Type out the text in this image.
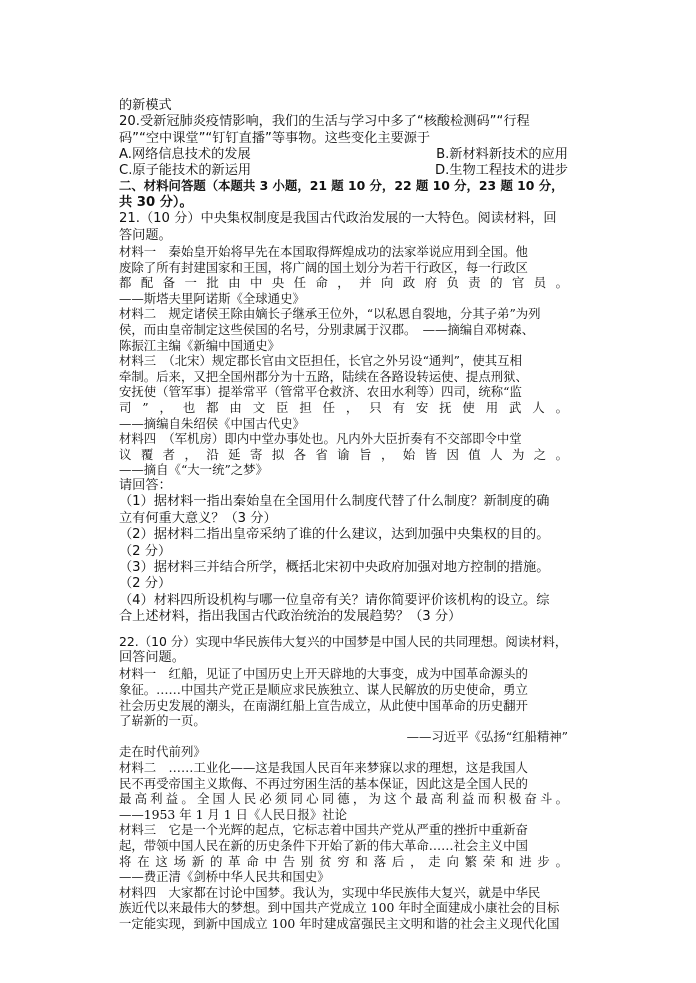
的新模式
20.受新冠肺炎疫情影响，我们的生活与学习中多了“核酸检测码”“行程
码”“空中课堂”“钉钉直播”等事物。这些变化主要源于
A.网络信息技术的发展	B.新材料新技术的应用
C.原子能技术的新运用	D.生物工程技术的进步
二、材料问答题（本题共 3 小题，21 题 10 分，22 题 10 分，23 题 10 分，
共 30 分）。
21.（10 分）中央集权制度是我国古代政治发展的一大特色。阅读材料，回
答问题。
材料一　秦始皇开始将早先在本国取得辉煌成功的法家举说应用到全国。他
废除了所有封建国家和王国，将广阔的国土划分为若干行政区，每一行政区
都配备一批由中央任命，并向政府负责的官员。
——斯塔夫里阿诺斯《全球通史》
材料二　规定诸侯王除由嫡长子继承王位外，“以私恩自裂地，分其子弟”为列
侯，而由皇帝制定这些侯国的名号，分别隶属于汉郡。　——摘编自邓树森、
陈振江主编《新编中国通史》
材料三　（北宋）规定郡长官由文臣担任，长官之外另设“通判”，使其互相
牵制。后来，又把全国州郡分为十五路，陆续在各路设转运使、提点刑狱、
安抚使（管军事）提举常平（管常平仓救济、农田水利等）四司，统称“监
司”，也都由文臣担任，只有安抚使用武人。
——摘编自朱绍侯《中国古代史》
材料四　（军机房）即内中堂办事处也。凡内外大臣折奏有不交部即令中堂
议覆者，沿延寄拟各省谕旨，始皆因值人为之。
——摘自《“大一统”之梦》
请回答：
（1）据材料一指出秦始皇在全国用什么制度代替了什么制度？新制度的确
立有何重大意义？（3 分）
（2）据材料二指出皇帝采纳了谁的什么建议，达到加强中央集权的目的。
（2 分）
（3）据材料三并结合所学，概括北宋初中央政府加强对地方控制的措施。
（2 分）
（4）材料四所设机构与哪一位皇帝有关？请你简要评价该机构的设立。综
合上述材料，指出我国古代政治统治的发展趋势？（3 分）
22.（10 分）实现中华民族伟大复兴的中国梦是中国人民的共同理想。阅读材料，
回答问题。
材料一　红船，见证了中国历史上开天辟地的大事变，成为中国革命源头的
象征。……中国共产党正是顺应求民族独立、谋人民解放的历史使命，勇立
社会历史发展的潮头，在南湖红船上宣告成立，从此使中国革命的历史翻开
了崭新的一页。
——习近平《弘扬“红船精神”
走在时代前列》
材料二　……工业化——这是我国人民百年来梦寐以求的理想，这是我国人
民不再受帝国主义欺侮、不再过穷困生活的基本保证，因此这是全国人民的
最高利益。全国人民必须同心同德，为这个最高利益而积极奋斗。
——1953 年 1 月 1 日《人民日报》社论
材料三　它是一个光辉的起点，它标志着中国共产党从严重的挫折中重新奋
起，带领中国人民在新的历史条件下开始了新的伟大革命……社会主义中国
将在这场新的革命中告别贫穷和落后，走向繁荣和进步。
——费正清《剑桥中华人民共和国史》
材料四　大家都在讨论中国梦。我认为，实现中华民族伟大复兴，就是中华民
族近代以来最伟大的梦想。到中国共产党成立 100 年时全面建成小康社会的目标
一定能实现，到新中国成立 100 年时建成富强民主文明和谐的社会主义现代化国
